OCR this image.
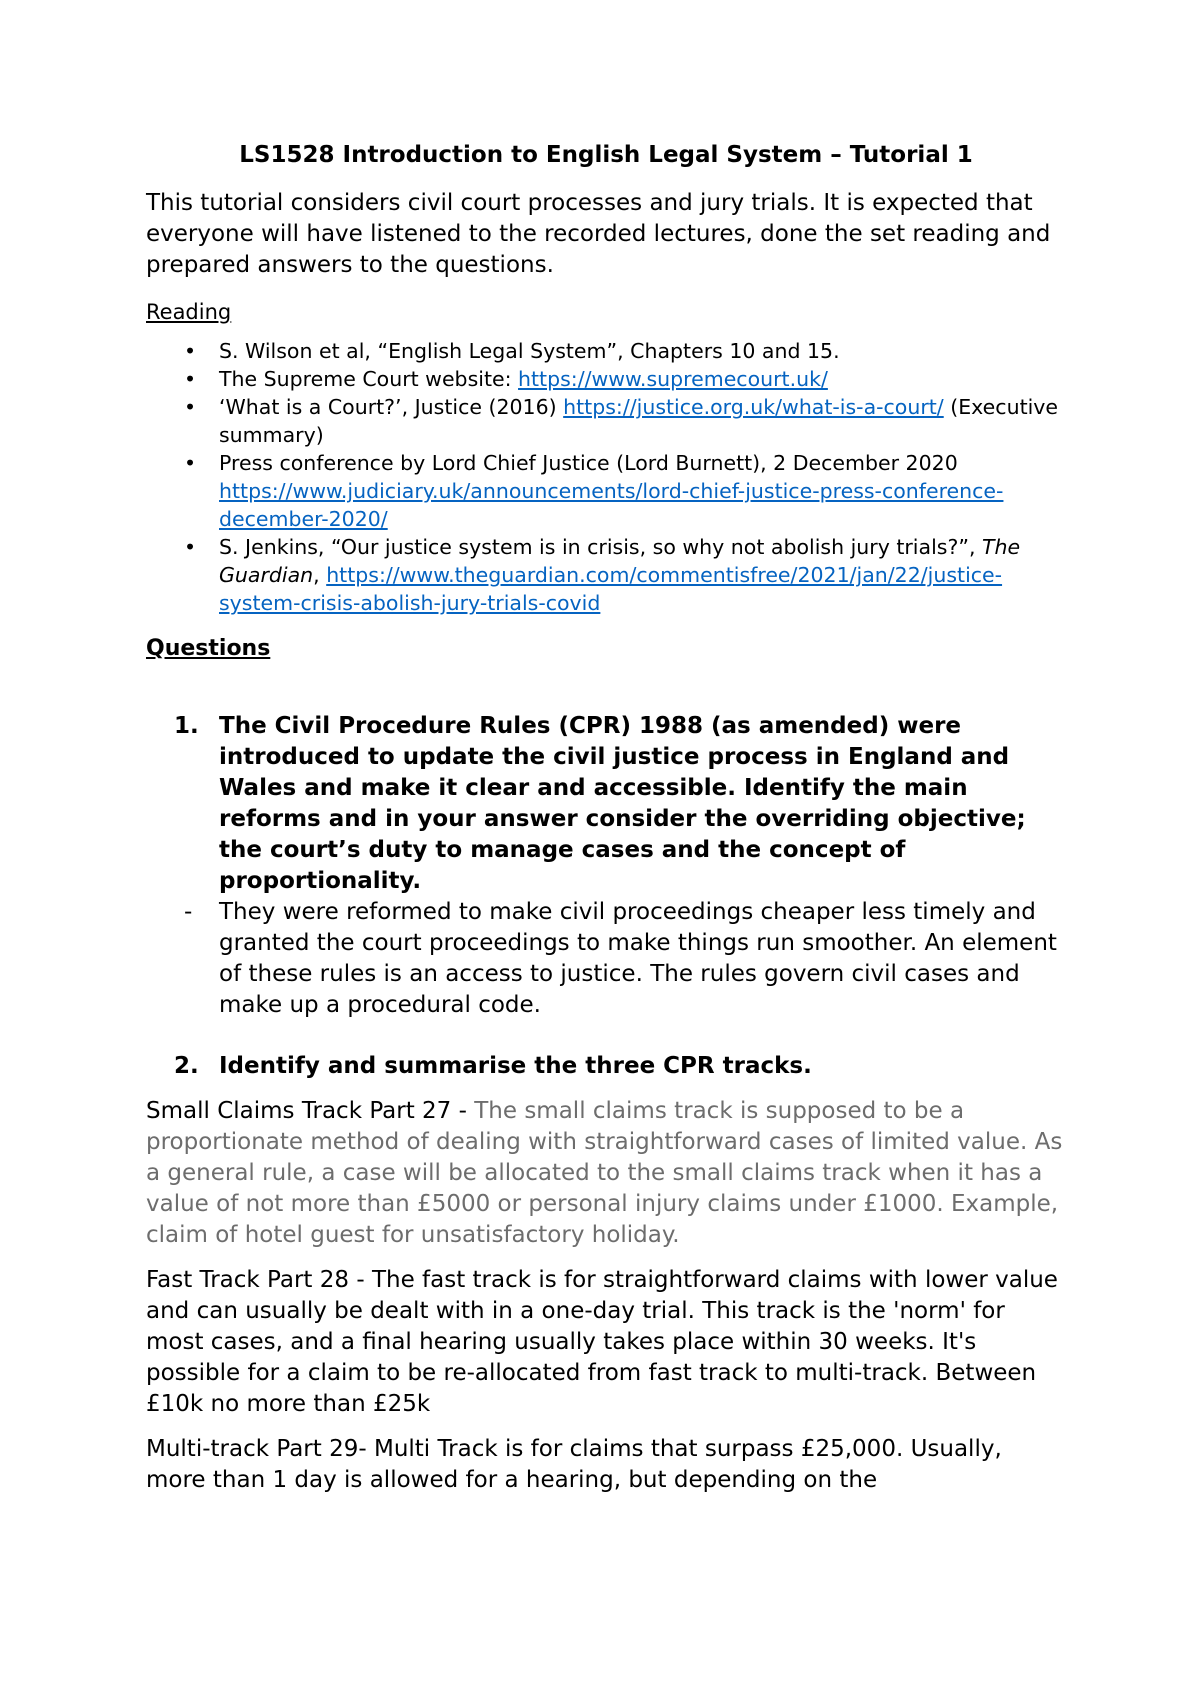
LS1528 Introduction to English Legal System – Tutorial 1

This tutorial considers civil court processes and jury trials. It is expected that everyone will have listened to the recorded lectures, done the set reading and prepared answers to the questions.

Reading

• S. Wilson et al, “English Legal System”, Chapters 10 and 15.
• The Supreme Court website: https://www.supremecourt.uk/
• ‘What is a Court?’, Justice (2016) https://justice.org.uk/what-is-a-court/ (Executive summary)
• Press conference by Lord Chief Justice (Lord Burnett), 2 December 2020 https://www.judiciary.uk/announcements/lord-chief-justice-press-conference-december-2020/
• S. Jenkins, “Our justice system is in crisis, so why not abolish jury trials?”, The Guardian, https://www.theguardian.com/commentisfree/2021/jan/22/justice-system-crisis-abolish-jury-trials-covid

Questions

1. The Civil Procedure Rules (CPR) 1988 (as amended) were introduced to update the civil justice process in England and Wales and make it clear and accessible. Identify the main reforms and in your answer consider the overriding objective; the court’s duty to manage cases and the concept of proportionality.

- They were reformed to make civil proceedings cheaper less timely and granted the court proceedings to make things run smoother. An element of these rules is an access to justice. The rules govern civil cases and make up a procedural code.

2. Identify and summarise the three CPR tracks.

Small Claims Track Part 27 - The small claims track is supposed to be a proportionate method of dealing with straightforward cases of limited value. As a general rule, a case will be allocated to the small claims track when it has a value of not more than £5000 or personal injury claims under £1000. Example, claim of hotel guest for unsatisfactory holiday.

Fast Track Part 28 - The fast track is for straightforward claims with lower value and can usually be dealt with in a one-day trial. This track is the 'norm' for most cases, and a final hearing usually takes place within 30 weeks. It's possible for a claim to be re-allocated from fast track to multi-track. Between £10k no more than £25k

Multi-track Part 29- Multi Track is for claims that surpass £25,000. Usually, more than 1 day is allowed for a hearing, but depending on the
